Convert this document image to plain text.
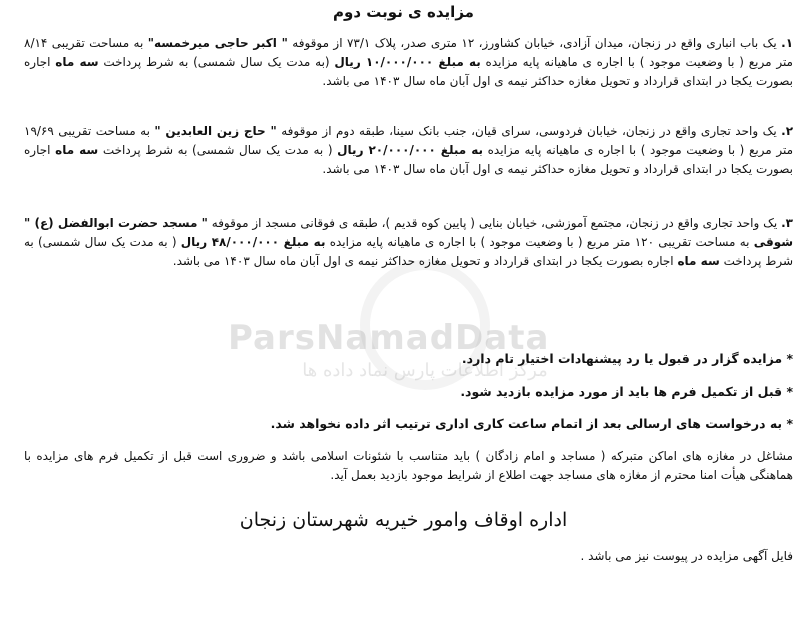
ParsNamadData
مرکز اطلاعات پارس نماد داده ها
مزایده ی نوبت دوم

۱. یک باب انباری واقع در زنجان، میدان آزادی، خیابان کشاورز، ۱۲ متری صدر، پلاک ۷۳/۱ از موقوفه " اکبر حاجی میرخمسه" به مساحت تقریبی ۸/۱۴ متر مربع ( با وضعیت موجود ) با اجاره ی ماهیانه پایه مزایده به مبلغ ۱۰/۰۰۰/۰۰۰ ریال (به مدت یک سال شمسی) به شرط پرداخت سه ماه اجاره بصورت یکجا در ابتدای قرارداد و تحویل مغازه حداکثر نیمه ی اول آبان ماه سال ۱۴۰۳ می باشد.

۲. یک واحد تجاری واقع در زنجان، خیابان فردوسی، سرای قیان، جنب بانک سینا، طبقه دوم از موقوفه " حاج زین العابدین " به مساحت تقریبی ۱۹/۶۹ متر مربع ( با وضعیت موجود ) با اجاره ی ماهیانه پایه مزایده به مبلغ ۲۰/۰۰۰/۰۰۰ ریال ( به مدت یک سال شمسی) به شرط پرداخت سه ماه اجاره بصورت یکجا در ابتدای قرارداد و تحویل مغازه حداکثر نیمه ی اول آبان ماه سال ۱۴۰۳ می باشد.

۳. یک واحد تجاری واقع در زنجان، مجتمع آموزشی، خیابان بنایی ( پایین کوه قدیم )، طبقه ی فوقانی مسجد از موقوفه " مسجد حضرت ابوالفضل (ع) " شوقی به مساحت تقریبی ۱۲۰ متر مربع ( با وضعیت موجود ) با اجاره ی ماهیانه پایه مزایده به مبلغ ۴۸/۰۰۰/۰۰۰ ریال ( به مدت یک سال شمسی) به شرط پرداخت سه ماه اجاره بصورت یکجا در ابتدای قرارداد و تحویل مغازه حداکثر نیمه ی اول آبان ماه سال ۱۴۰۳ می باشد.

* مزایده گزار در قبول یا رد پیشنهادات اختیار تام دارد.

* قبل از تکمیل فرم ها باید از مورد مزایده بازدید شود.

* به درخواست های ارسالی بعد از اتمام ساعت کاری اداری ترتیب اثر داده نخواهد شد.

مشاغل در مغازه های اماکن متبرکه ( مساجد و امام زادگان ) باید متناسب با شئونات اسلامی باشد و ضروری است قبل از تکمیل فرم های مزایده با هماهنگی هیأت امنا محترم از مغازه های مساجد جهت اطلاع از شرایط موجود بازدید بعمل آید.

اداره اوقاف وامور خیریه شهرستان زنجان
فایل آگهی مزایده در پیوست نیز می باشد .
